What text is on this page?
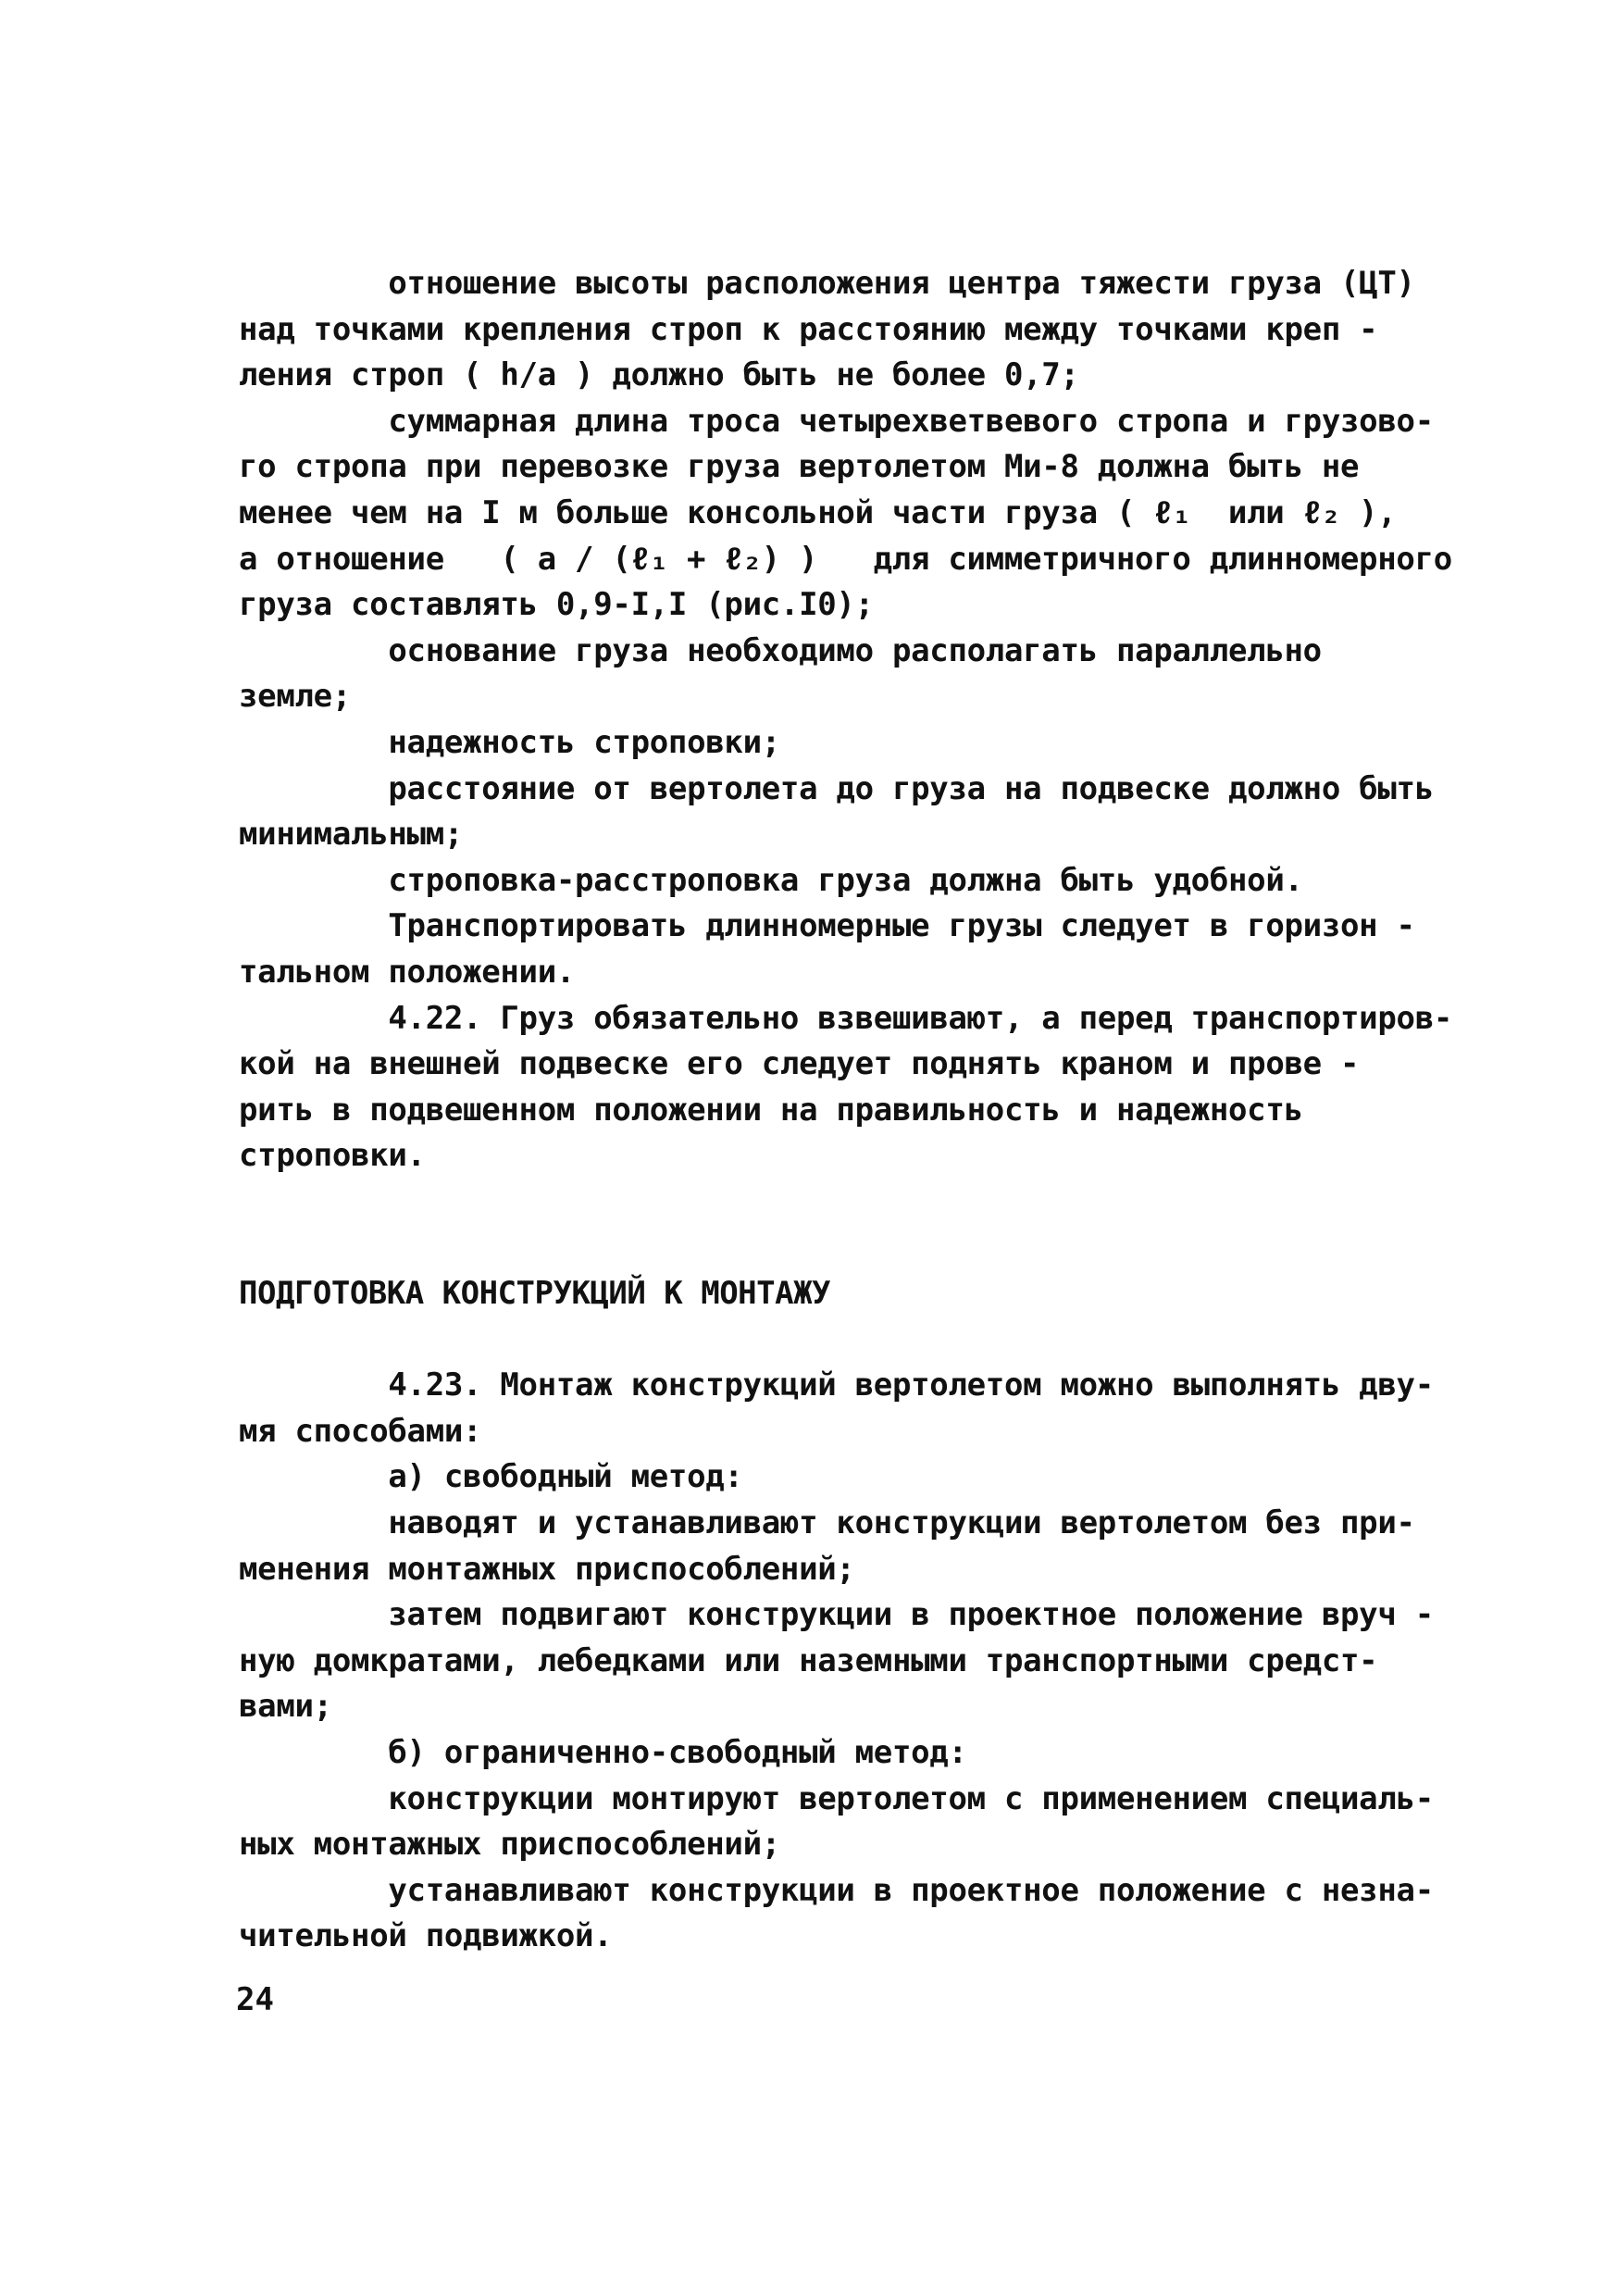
отношение высоты расположения центра тяжести груза (ЦТ)
над точками крепления строп к расстоянию между точками креп -
ления строп ( h/a ) должно быть не более 0,7;
суммарная длина троса четырехветвевого стропа и грузово-
го стропа при перевозке груза вертолетом Ми-8 должна быть не
менее чем на I м больше консольной части груза ( ℓ₁  или ℓ₂ ),
а отношение   ( a / (ℓ₁ + ℓ₂) )   для симметричного длинномерного
груза составлять 0,9-I,I (рис.I0);
основание груза необходимо располагать параллельно
земле;
надежность строповки;
расстояние от вертолета до груза на подвеске должно быть
минимальным;
строповка-расстроповка груза должна быть удобной.
Транспортировать длинномерные грузы следует в горизон -
тальном положении.
4.22. Груз обязательно взвешивают, а перед транспортиров-
кой на внешней подвеске его следует поднять краном и прове -
рить в подвешенном положении на правильность и надежность
строповки.
ПОДГОТОВКА КОНСТРУКЦИЙ К МОНТАЖУ
4.23. Монтаж конструкций вертолетом можно выполнять дву-
мя способами:
а) свободный метод:
наводят и устанавливают конструкции вертолетом без при-
менения монтажных приспособлений;
затем подвигают конструкции в проектное положение вруч -
ную домкратами, лебедками или наземными транспортными средст-
вами;
б) ограниченно-свободный метод:
конструкции монтируют вертолетом с применением специаль-
ных монтажных приспособлений;
устанавливают конструкции в проектное положение с незна-
чительной подвижкой.
24
